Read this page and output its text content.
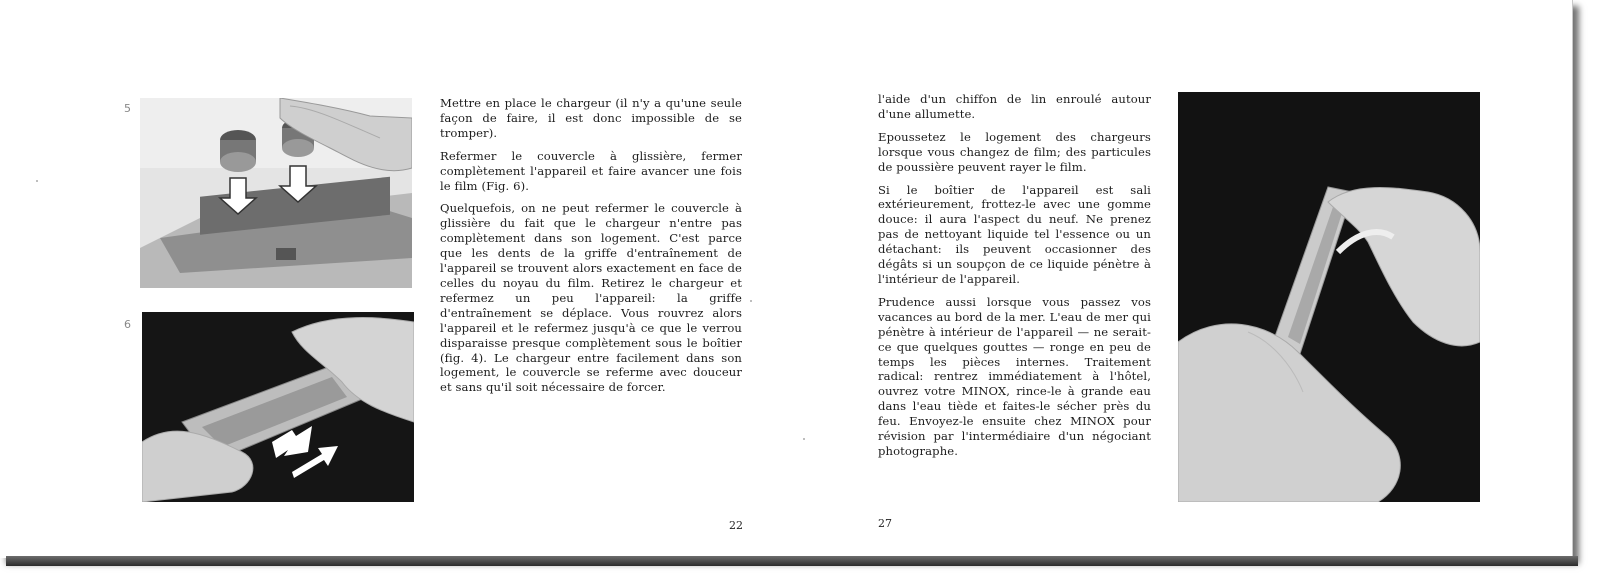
5
6

Mettre en place le chargeur (il n'y a qu'une seule façon de faire, il est donc impossible de se tromper).

Refermer le couvercle à glissière, fermer complètement l'appareil et faire avancer une fois le film (Fig. 6).

Quelquefois, on ne peut refermer le couvercle à glissière du fait que le chargeur n'entre pas complètement dans son logement. C'est parce que les dents de la griffe d'entraînement de l'appareil se trouvent alors exactement en face de celles du noyau du film. Retirez le chargeur et refermez un peu l'appareil: la griffe d'entraînement se déplace. Vous rouvrez alors l'appareil et le refermez jusqu'à ce que le verrou disparaisse presque complètement sous le boîtier (fig. 4). Le chargeur entre facilement dans son logement, le couvercle se referme avec douceur et sans qu'il soit nécessaire de forcer.

22

l'aide d'un chiffon de lin enroulé autour d'une allumette.

Epoussetez le logement des chargeurs lorsque vous changez de film; des particules de poussière peuvent rayer le film.

Si le boîtier de l'appareil est sali extérieurement, frottez-le avec une gomme douce: il aura l'aspect du neuf. Ne prenez pas de nettoyant liquide tel l'essence ou un détachant: ils peuvent occasionner des dégâts si un soupçon de ce liquide pénètre à l'intérieur de l'appareil.

Prudence aussi lorsque vous passez vos vacances au bord de la mer. L'eau de mer qui pénètre à intérieur de l'appareil — ne serait-ce que quelques gouttes — ronge en peu de temps les pièces internes. Traitement radical: rentrez immédiatement à l'hôtel, ouvrez votre MINOX, rince-le à grande eau dans l'eau tiède et faites-le sécher près du feu. Envoyez-le ensuite chez MINOX pour révision par l'intermédiaire d'un négociant photographe.

27
